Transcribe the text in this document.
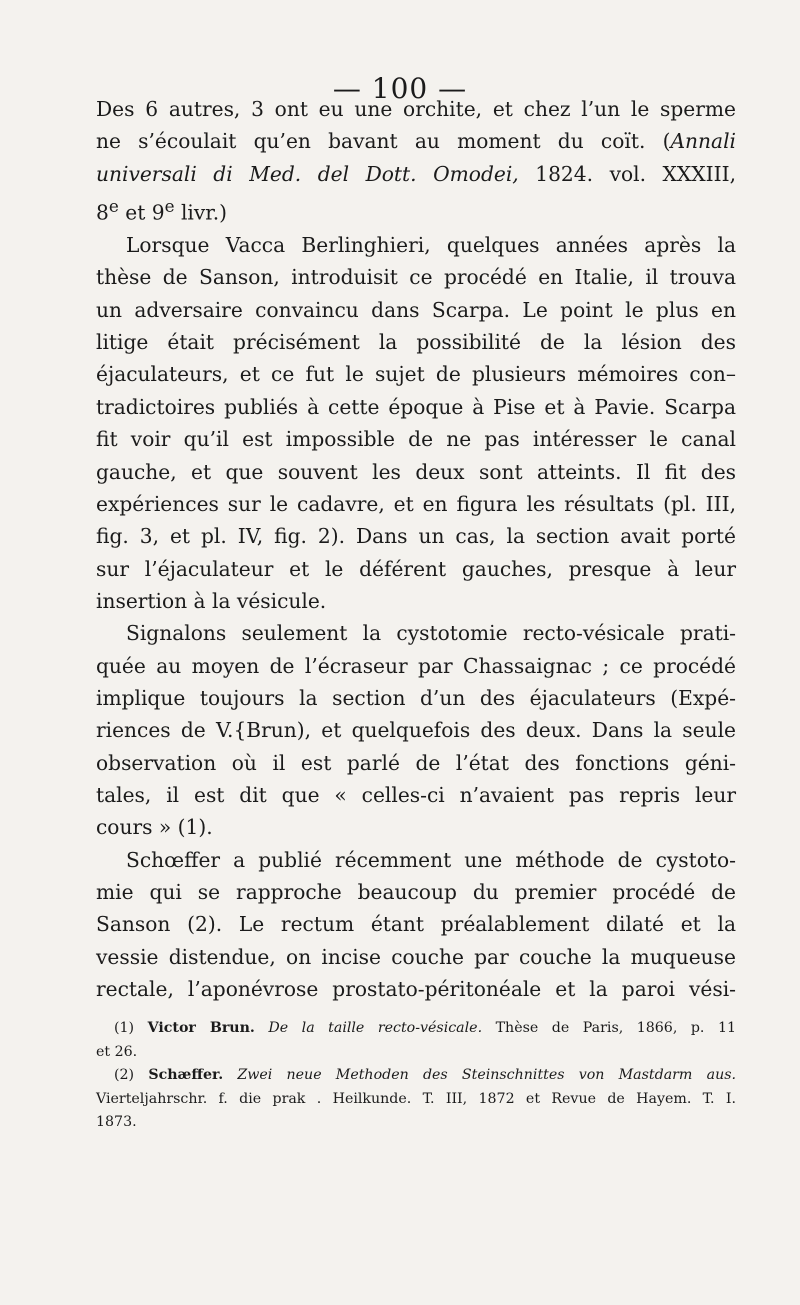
— 100 —
Des 6 autres, 3 ont eu une orchite, et chez l’un le sperme
ne s’écoulait qu’en bavant au moment du coït. (Annali
universali di Med. del Dott. Omodei, 1824. vol. XXXIII,
8e et 9e livr.)
Lorsque Vacca Berlinghieri, quelques années après la
thèse de Sanson, introduisit ce procédé en Italie, il trouva
un adversaire convaincu dans Scarpa. Le point le plus en
litige était précisément la possibilité de la lésion des
éjaculateurs, et ce fut le sujet de plusieurs mémoires con–
tradictoires publiés à cette époque à Pise et à Pavie. Scarpa
fit voir qu’il est impossible de ne pas intéresser le canal
gauche, et que souvent les deux sont atteints. Il fit des
expériences sur le cadavre, et en figura les résultats (pl. III,
fig. 3, et pl. IV, fig. 2). Dans un cas, la section avait porté
sur l’éjaculateur et le déférent gauches, presque à leur
insertion à la vésicule.
Signalons seulement la cystotomie recto-vésicale prati-
quée au moyen de l’écraseur par Chassaignac ; ce procédé
implique toujours la section d’un des éjaculateurs (Expé-
riences de V.{Brun), et quelquefois des deux. Dans la seule
observation où il est parlé de l’état des fonctions géni-
tales, il est dit que « celles-ci n’avaient pas repris leur
cours » (1).
Schœffer a publié récemment une méthode de cystoto-
mie qui se rapproche beaucoup du premier procédé de
Sanson (2). Le rectum étant préalablement dilaté et la
vessie distendue, on incise couche par couche la muqueuse
rectale, l’aponévrose prostato-péritonéale et la paroi vési-
(1) Victor Brun. De la taille recto-vésicale. Thèse de Paris, 1866, p. 11
et 26.
(2) Schæffer. Zwei neue Methoden des Steinschnittes von Mastdarm aus.
Vierteljahrschr. f. die prak . Heilkunde. T. III, 1872 et Revue de Hayem. T. I.
1873.
